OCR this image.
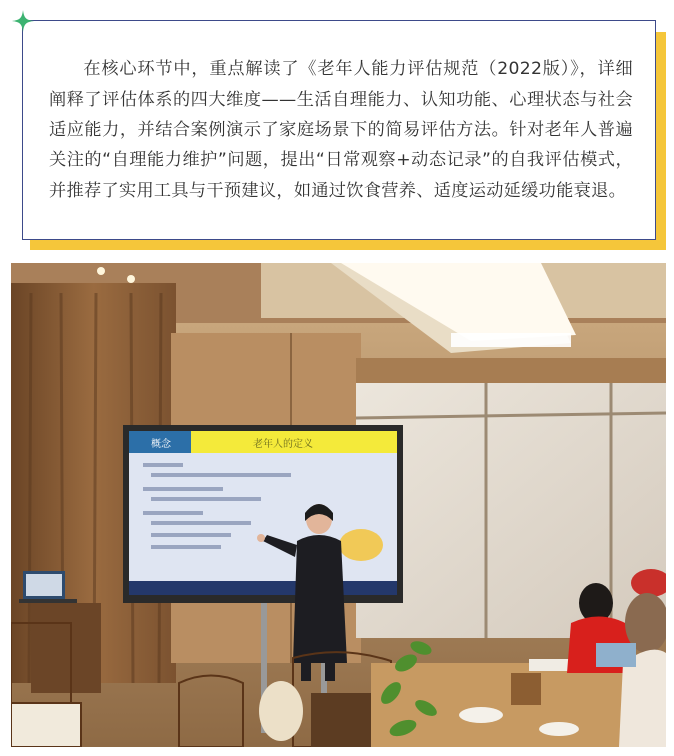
在核心环节中，重点解读了《老年人能力评估规范（2022版）》，详细阐释了评估体系的四大维度——生活自理能力、认知功能、心理状态与社会适应能力，并结合案例演示了家庭场景下的简易评估方法。针对老年人普遍关注的“自理能力维护”问题，提出“日常观察+动态记录”的自我评估模式，并推荐了实用工具与干预建议，如通过饮食营养、适度运动延缓功能衰退。

概念	老年人的定义
